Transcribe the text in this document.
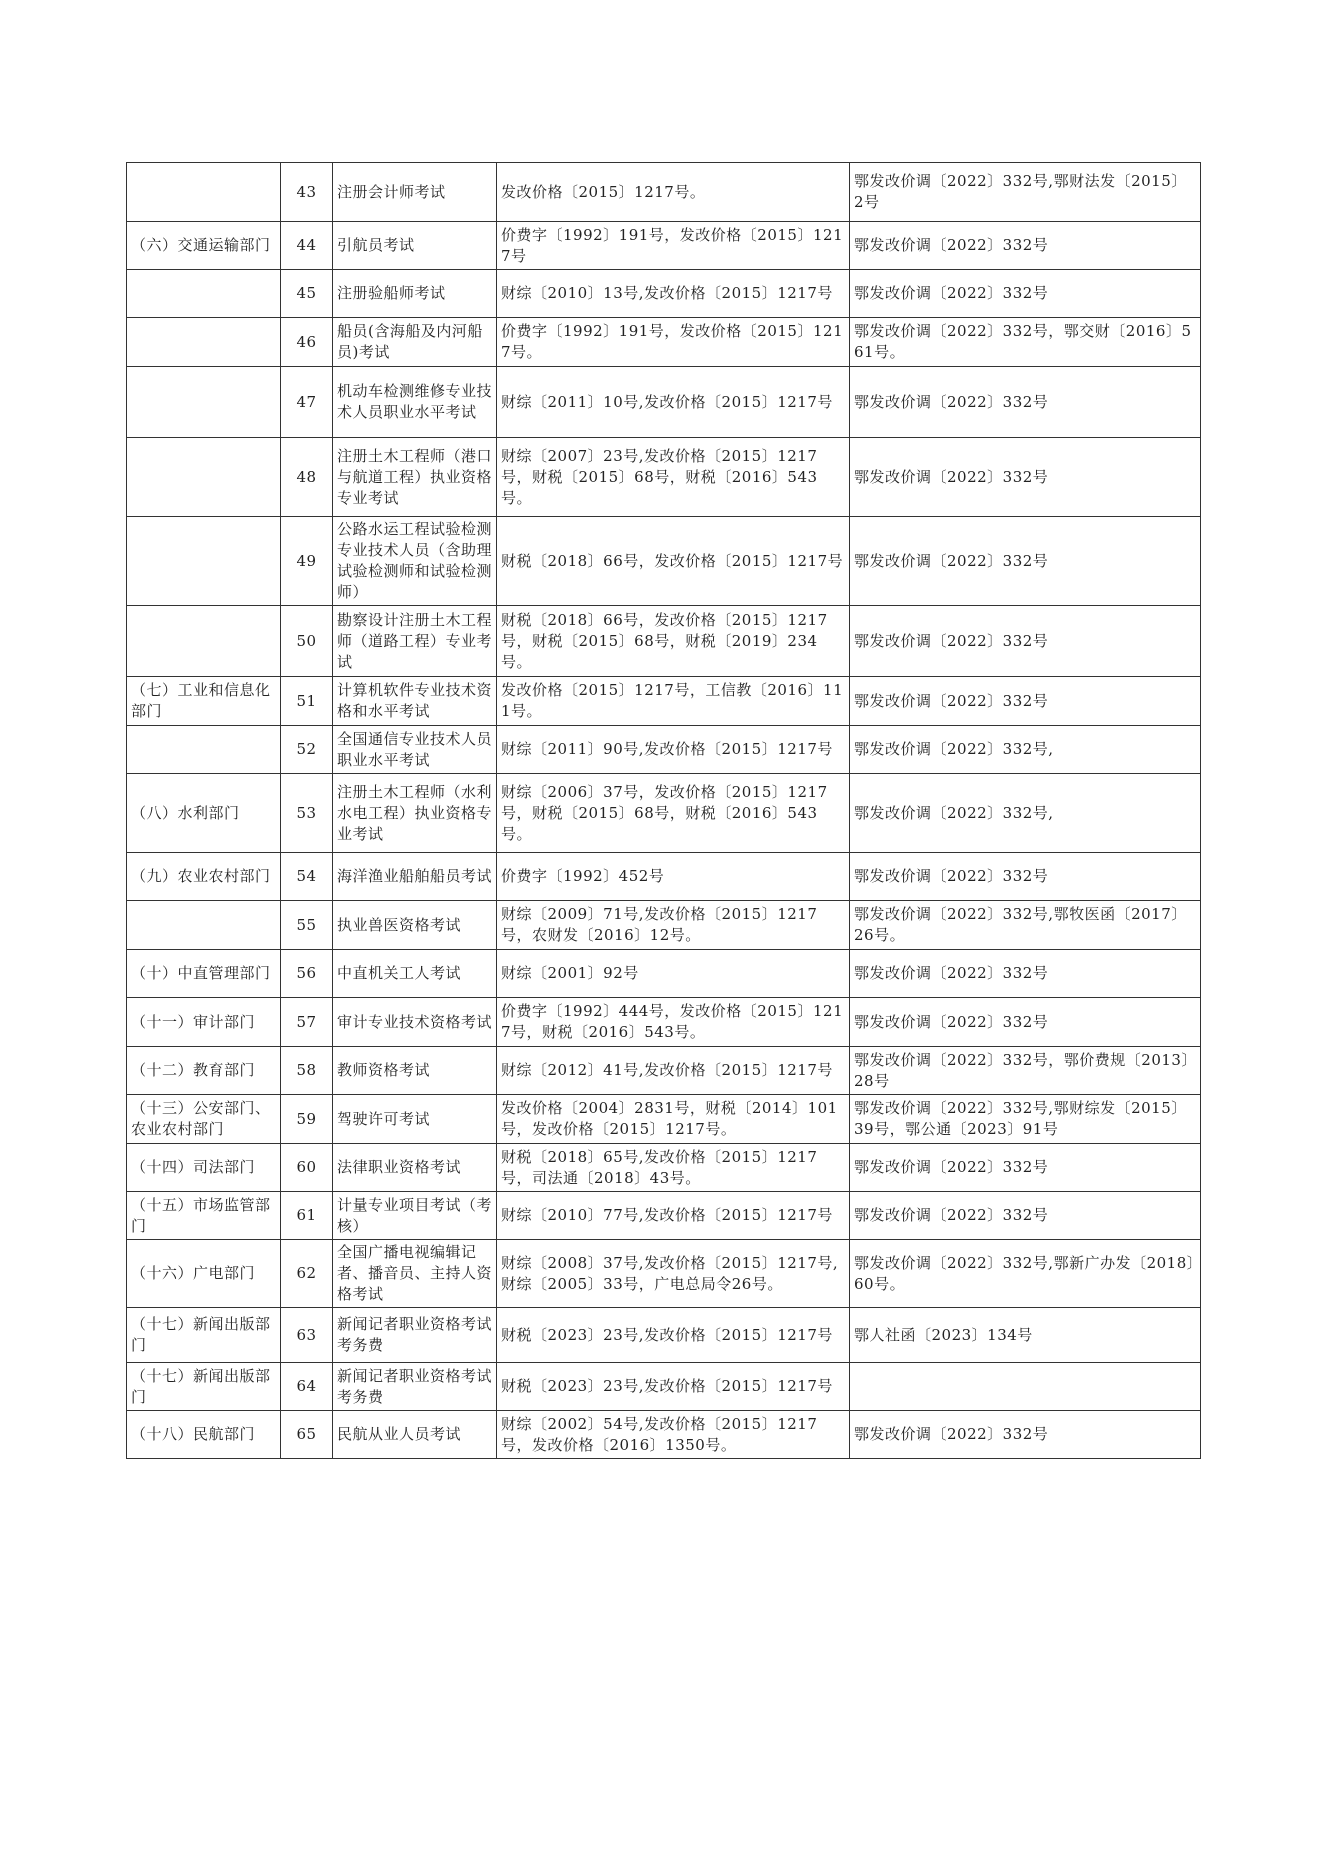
	43	注册会计师考试	发改价格〔2015〕1217号。	鄂发改价调〔2022〕332号,鄂财法发〔2015〕2号
（六）交通运输部门	44	引航员考试	价费字〔1992〕191号，发改价格〔2015〕1217号	鄂发改价调〔2022〕332号
	45	注册验船师考试	财综〔2010〕13号,发改价格〔2015〕1217号	鄂发改价调〔2022〕332号
	46	船员(含海船及内河船员)考试	价费字〔1992〕191号，发改价格〔2015〕1217号。	鄂发改价调〔2022〕332号，鄂交财〔2016〕561号。
	47	机动车检测维修专业技术人员职业水平考试	财综〔2011〕10号,发改价格〔2015〕1217号	鄂发改价调〔2022〕332号
	48	注册土木工程师（港口与航道工程）执业资格专业考试	财综〔2007〕23号,发改价格〔2015〕1217号，财税〔2015〕68号，财税〔2016〕543号。	鄂发改价调〔2022〕332号
	49	公路水运工程试验检测专业技术人员（含助理试验检测师和试验检测师）	财税〔2018〕66号，发改价格〔2015〕1217号	鄂发改价调〔2022〕332号
	50	勘察设计注册土木工程师（道路工程）专业考试	财税〔2018〕66号，发改价格〔2015〕1217号，财税〔2015〕68号，财税〔2019〕234号。	鄂发改价调〔2022〕332号
（七）工业和信息化部门	51	计算机软件专业技术资格和水平考试	发改价格〔2015〕1217号，工信教〔2016〕111号。	鄂发改价调〔2022〕332号
	52	全国通信专业技术人员职业水平考试	财综〔2011〕90号,发改价格〔2015〕1217号	鄂发改价调〔2022〕332号,
（八）水利部门	53	注册土木工程师（水利水电工程）执业资格专业考试	财综〔2006〕37号，发改价格〔2015〕1217号，财税〔2015〕68号，财税〔2016〕543号。	鄂发改价调〔2022〕332号,
（九）农业农村部门	54	海洋渔业船舶船员考试	价费字〔1992〕452号	鄂发改价调〔2022〕332号
	55	执业兽医资格考试	财综〔2009〕71号,发改价格〔2015〕1217号，农财发〔2016〕12号。	鄂发改价调〔2022〕332号,鄂牧医函〔2017〕26号。
（十）中直管理部门	56	中直机关工人考试	财综〔2001〕92号	鄂发改价调〔2022〕332号
（十一）审计部门	57	审计专业技术资格考试	价费字〔1992〕444号，发改价格〔2015〕1217号，财税〔2016〕543号。	鄂发改价调〔2022〕332号
（十二）教育部门	58	教师资格考试	财综〔2012〕41号,发改价格〔2015〕1217号	鄂发改价调〔2022〕332号，鄂价费规〔2013〕28号
（十三）公安部门、农业农村部门	59	驾驶许可考试	发改价格〔2004〕2831号，财税〔2014〕101号，发改价格〔2015〕1217号。	鄂发改价调〔2022〕332号,鄂财综发〔2015〕39号，鄂公通〔2023〕91号
（十四）司法部门	60	法律职业资格考试	财税〔2018〕65号,发改价格〔2015〕1217号，司法通〔2018〕43号。	鄂发改价调〔2022〕332号
（十五）市场监管部门	61	计量专业项目考试（考核）	财综〔2010〕77号,发改价格〔2015〕1217号	鄂发改价调〔2022〕332号
（十六）广电部门	62	全国广播电视编辑记者、播音员、主持人资格考试	财综〔2008〕37号,发改价格〔2015〕1217号,财综〔2005〕33号，广电总局令26号。	鄂发改价调〔2022〕332号,鄂新广办发〔2018〕60号。
（十七）新闻出版部门	63	新闻记者职业资格考试考务费	财税〔2023〕23号,发改价格〔2015〕1217号	鄂人社函〔2023〕134号
（十七）新闻出版部门	64	新闻记者职业资格考试考务费	财税〔2023〕23号,发改价格〔2015〕1217号	
（十八）民航部门	65	民航从业人员考试	财综〔2002〕54号,发改价格〔2015〕1217号，发改价格〔2016〕1350号。	鄂发改价调〔2022〕332号
